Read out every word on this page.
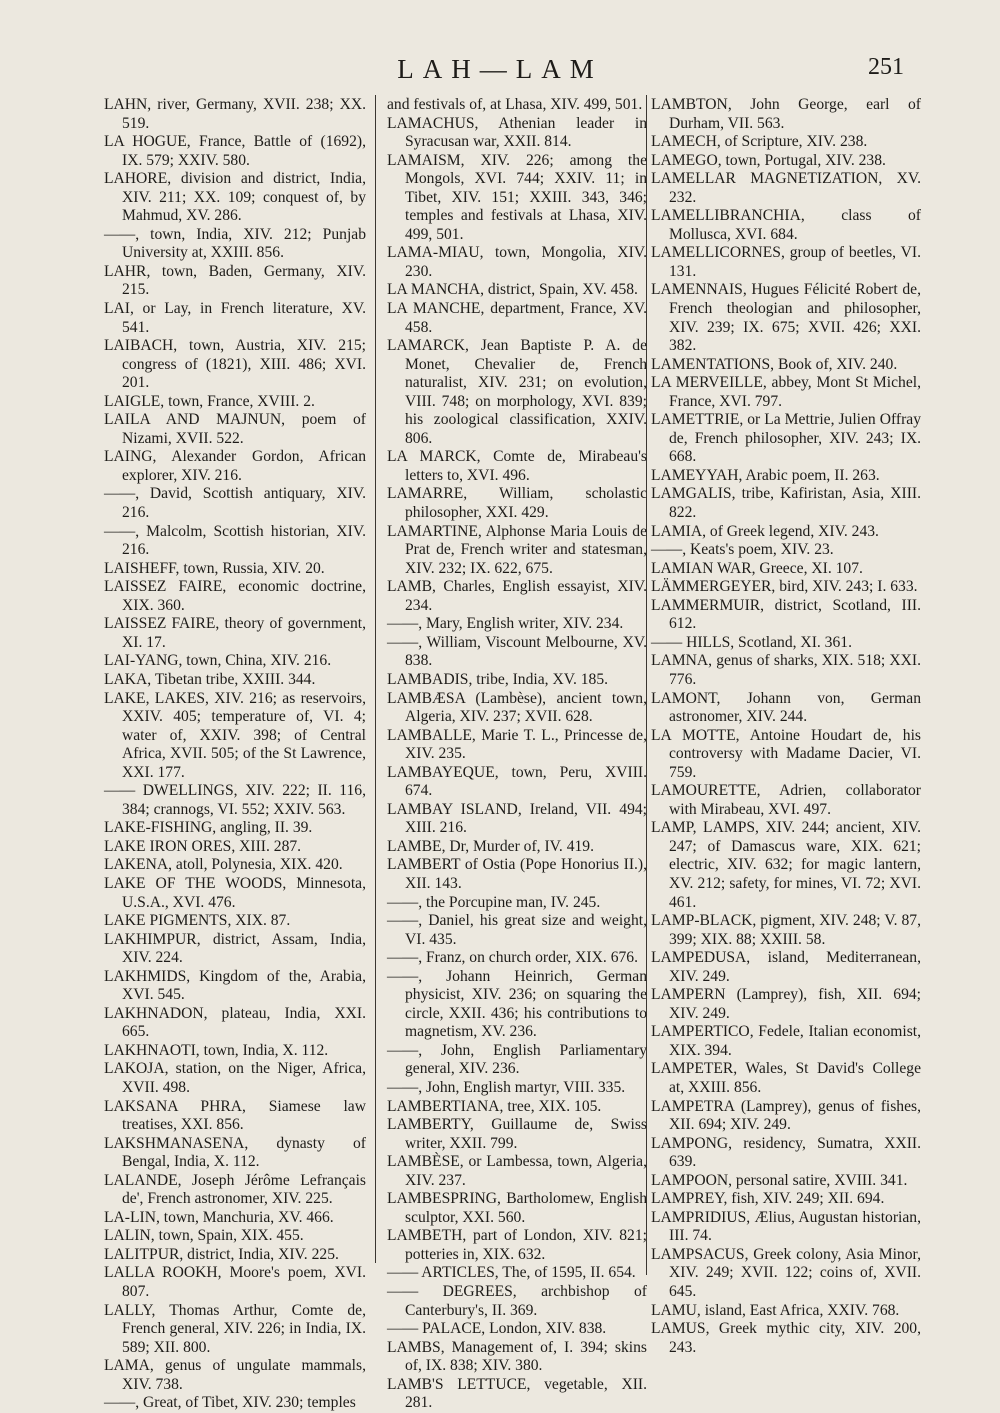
LAH—LAM	251

LAHN, river, Germany, XVII. 238; XX. 519.

LA HOGUE, France, Battle of (1692), IX. 579; XXIV. 580.

LAHORE, division and district, India, XIV. 211; XX. 109; conquest of, by Mahmud, XV. 286.

——, town, India, XIV. 212; Punjab University at, XXIII. 856.

LAHR, town, Baden, Germany, XIV. 215.

LAI, or Lay, in French literature, XV. 541.

LAIBACH, town, Austria, XIV. 215; congress of (1821), XIII. 486; XVI. 201.

LAIGLE, town, France, XVIII. 2.

LAILA AND MAJNUN, poem of Nizami, XVII. 522.

LAING, Alexander Gordon, African explorer, XIV. 216.

——, David, Scottish antiquary, XIV. 216.

——, Malcolm, Scottish historian, XIV. 216.

LAISHEFF, town, Russia, XIV. 20.

LAISSEZ FAIRE, economic doctrine, XIX. 360.

LAISSEZ FAIRE, theory of government, XI. 17.

LAI-YANG, town, China, XIV. 216.

LAKA, Tibetan tribe, XXIII. 344.

LAKE, LAKES, XIV. 216; as reservoirs, XXIV. 405; temperature of, VI. 4; water of, XXIV. 398; of Central Africa, XVII. 505; of the St Lawrence, XXI. 177.

—— DWELLINGS, XIV. 222; II. 116, 384; crannogs, VI. 552; XXIV. 563.

LAKE-FISHING, angling, II. 39.

LAKE IRON ORES, XIII. 287.

LAKENA, atoll, Polynesia, XIX. 420.

LAKE OF THE WOODS, Minnesota, U.S.A., XVI. 476.

LAKE PIGMENTS, XIX. 87.

LAKHIMPUR, district, Assam, India, XIV. 224.

LAKHMIDS, Kingdom of the, Arabia, XVI. 545.

LAKHNADON, plateau, India, XXI. 665.

LAKHNAOTI, town, India, X. 112.

LAKOJA, station, on the Niger, Africa, XVII. 498.

LAKSANA PHRA, Siamese law treatises, XXI. 856.

LAKSHMANASENA, dynasty of Bengal, India, X. 112.

LALANDE, Joseph Jérôme Lefrançais de', French astronomer, XIV. 225.

LA-LIN, town, Manchuria, XV. 466.

LALIN, town, Spain, XIX. 455.

LALITPUR, district, India, XIV. 225.

LALLA ROOKH, Moore's poem, XVI. 807.

LALLY, Thomas Arthur, Comte de, French general, XIV. 226; in India, IX. 589; XII. 800.

LAMA, genus of ungulate mammals, XIV. 738.

——, Great, of Tibet, XIV. 230; temples

and festivals of, at Lhasa, XIV. 499, 501.

LAMACHUS, Athenian leader in Syracusan war, XXII. 814.

LAMAISM, XIV. 226; among the Mongols, XVI. 744; XXIV. 11; in Tibet, XIV. 151; XXIII. 343, 346; temples and festivals at Lhasa, XIV. 499, 501.

LAMA-MIAU, town, Mongolia, XIV. 230.

LA MANCHA, district, Spain, XV. 458.

LA MANCHE, department, France, XV. 458.

LAMARCK, Jean Baptiste P. A. de Monet, Chevalier de, French naturalist, XIV. 231; on evolution, VIII. 748; on morphology, XVI. 839; his zoological classification, XXIV. 806.

LA MARCK, Comte de, Mirabeau's letters to, XVI. 496.

LAMARRE, William, scholastic philosopher, XXI. 429.

LAMARTINE, Alphonse Maria Louis de Prat de, French writer and statesman, XIV. 232; IX. 622, 675.

LAMB, Charles, English essayist, XIV. 234.

——, Mary, English writer, XIV. 234.

——, William, Viscount Melbourne, XV. 838.

LAMBADIS, tribe, India, XV. 185.

LAMBÆSA (Lambèse), ancient town, Algeria, XIV. 237; XVII. 628.

LAMBALLE, Marie T. L., Princesse de, XIV. 235.

LAMBAYEQUE, town, Peru, XVIII. 674.

LAMBAY ISLAND, Ireland, VII. 494; XIII. 216.

LAMBE, Dr, Murder of, IV. 419.

LAMBERT of Ostia (Pope Honorius II.), XII. 143.

——, the Porcupine man, IV. 245.

——, Daniel, his great size and weight, VI. 435.

——, Franz, on church order, XIX. 676.

——, Johann Heinrich, German physicist, XIV. 236; on squaring the circle, XXII. 436; his contributions to magnetism, XV. 236.

——, John, English Parliamentary general, XIV. 236.

——, John, English martyr, VIII. 335.

LAMBERTIANA, tree, XIX. 105.

LAMBERTY, Guillaume de, Swiss writer, XXII. 799.

LAMBÈSE, or Lambessa, town, Algeria, XIV. 237.

LAMBESPRING, Bartholomew, English sculptor, XXI. 560.

LAMBETH, part of London, XIV. 821; potteries in, XIX. 632.

—— ARTICLES, The, of 1595, II. 654.

—— DEGREES, archbishop of Canterbury's, II. 369.

—— PALACE, London, XIV. 838.

LAMBS, Management of, I. 394; skins of, IX. 838; XIV. 380.

LAMB'S LETTUCE, vegetable, XII. 281.

LAMBTON, John George, earl of Durham, VII. 563.

LAMECH, of Scripture, XIV. 238.

LAMEGO, town, Portugal, XIV. 238.

LAMELLAR MAGNETIZATION, XV. 232.

LAMELLIBRANCHIA, class of Mollusca, XVI. 684.

LAMELLICORNES, group of beetles, VI. 131.

LAMENNAIS, Hugues Félicité Robert de, French theologian and philosopher, XIV. 239; IX. 675; XVII. 426; XXI. 382.

LAMENTATIONS, Book of, XIV. 240.

LA MERVEILLE, abbey, Mont St Michel, France, XVI. 797.

LAMETTRIE, or La Mettrie, Julien Offray de, French philosopher, XIV. 243; IX. 668.

LAMEYYAH, Arabic poem, II. 263.

LAMGALIS, tribe, Kafiristan, Asia, XIII. 822.

LAMIA, of Greek legend, XIV. 243.

——, Keats's poem, XIV. 23.

LAMIAN WAR, Greece, XI. 107.

LÄMMERGEYER, bird, XIV. 243; I. 633.

LAMMERMUIR, district, Scotland, III. 612.

—— HILLS, Scotland, XI. 361.

LAMNA, genus of sharks, XIX. 518; XXI. 776.

LAMONT, Johann von, German astronomer, XIV. 244.

LA MOTTE, Antoine Houdart de, his controversy with Madame Dacier, VI. 759.

LAMOURETTE, Adrien, collaborator with Mirabeau, XVI. 497.

LAMP, LAMPS, XIV. 244; ancient, XIV. 247; of Damascus ware, XIX. 621; electric, XIV. 632; for magic lantern, XV. 212; safety, for mines, VI. 72; XVI. 461.

LAMP-BLACK, pigment, XIV. 248; V. 87, 399; XIX. 88; XXIII. 58.

LAMPEDUSA, island, Mediterranean, XIV. 249.

LAMPERN (Lamprey), fish, XII. 694; XIV. 249.

LAMPERTICO, Fedele, Italian economist, XIX. 394.

LAMPETER, Wales, St David's College at, XXIII. 856.

LAMPETRA (Lamprey), genus of fishes, XII. 694; XIV. 249.

LAMPONG, residency, Sumatra, XXII. 639.

LAMPOON, personal satire, XVIII. 341.

LAMPREY, fish, XIV. 249; XII. 694.

LAMPRIDIUS, Ælius, Augustan historian, III. 74.

LAMPSACUS, Greek colony, Asia Minor, XIV. 249; XVII. 122; coins of, XVII. 645.

LAMU, island, East Africa, XXIV. 768.

LAMUS, Greek mythic city, XIV. 200, 243.
